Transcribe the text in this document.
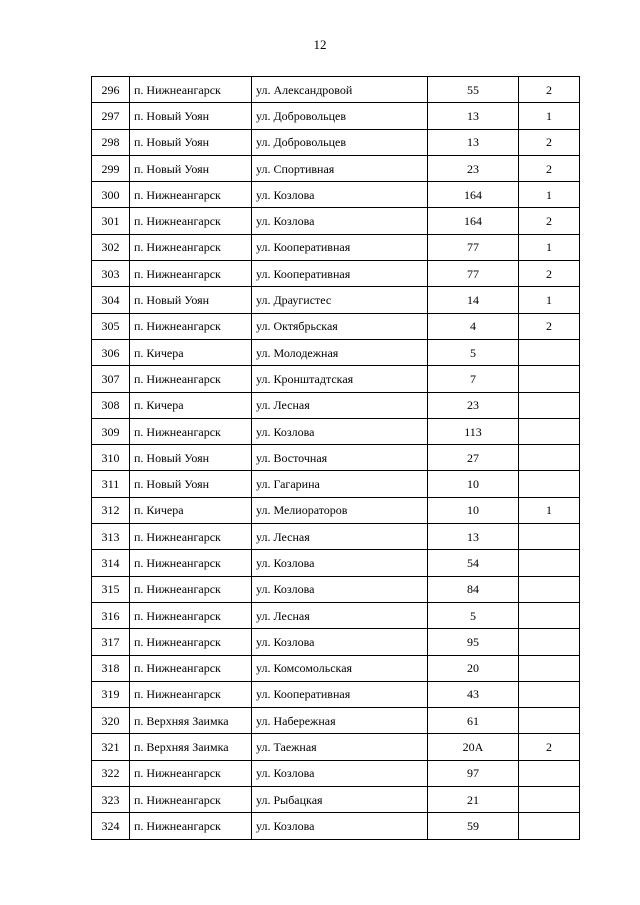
12
296	п. Нижнеангарск	ул. Александровой	55	2
297	п. Новый Уоян	ул. Добровольцев	13	1
298	п. Новый Уоян	ул. Добровольцев	13	2
299	п. Новый Уоян	ул. Спортивная	23	2
300	п. Нижнеангарск	ул. Козлова	164	1
301	п. Нижнеангарск	ул. Козлова	164	2
302	п. Нижнеангарск	ул. Кооперативная	77	1
303	п. Нижнеангарск	ул. Кооперативная	77	2
304	п. Новый Уоян	ул. Драугистес	14	1
305	п. Нижнеангарск	ул. Октябрьская	4	2
306	п. Кичера	ул. Молодежная	5	
307	п. Нижнеангарск	ул. Кронштадтская	7	
308	п. Кичера	ул. Лесная	23	
309	п. Нижнеангарск	ул. Козлова	113	
310	п. Новый Уоян	ул. Восточная	27	
311	п. Новый Уоян	ул. Гагарина	10	
312	п. Кичера	ул. Мелиораторов	10	1
313	п. Нижнеангарск	ул. Лесная	13	
314	п. Нижнеангарск	ул. Козлова	54	
315	п. Нижнеангарск	ул. Козлова	84	
316	п. Нижнеангарск	ул. Лесная	5	
317	п. Нижнеангарск	ул. Козлова	95	
318	п. Нижнеангарск	ул. Комсомольская	20	
319	п. Нижнеангарск	ул. Кооперативная	43	
320	п. Верхняя Заимка	ул. Набережная	61	
321	п. Верхняя Заимка	ул. Таежная	20А	2
322	п. Нижнеангарск	ул. Козлова	97	
323	п. Нижнеангарск	ул. Рыбацкая	21	
324	п. Нижнеангарск	ул. Козлова	59	
